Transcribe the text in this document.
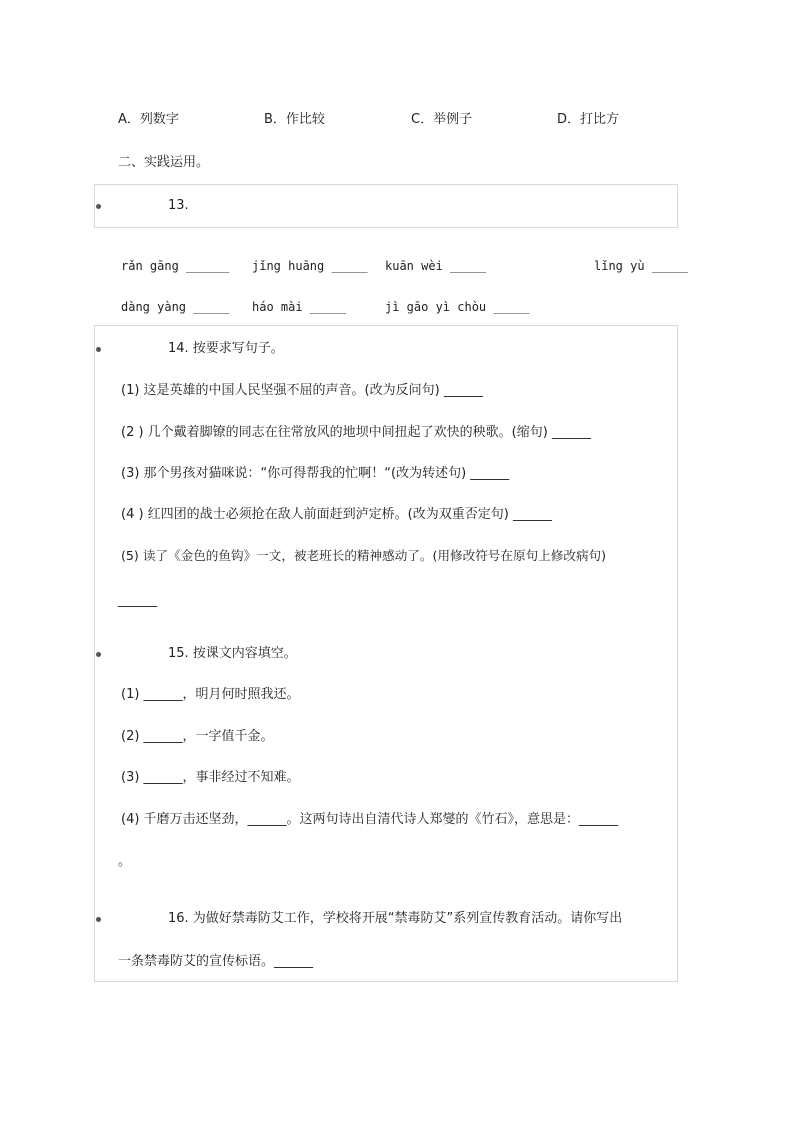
A．列数字	B．作比较	C．举例子	D．打比方
二、实践运用。
13.
rǎn gāng ______ jǐng huāng _____ kuān wèi _____	lǐng yù _____
dàng yàng _____ háo mài _____	jì gāo yì chòu _____
14. 按要求写句子。
(1) 这是英雄的中国人民坚强不屈的声音。(改为反问句) ______
(2 ) 几个戴着脚镣的同志在往常放风的地坝中间扭起了欢快的秧歌。(缩句) ______
(3) 那个男孩对猫咪说：“你可得帮我的忙啊！“(改为转述句) ______
(4 ) 红四团的战士必须抢在敌人前面赶到泸定桥。(改为双重否定句) ______
(5) 读了《金色的鱼钩》一文，被老班长的精神感动了。(用修改符号在原句上修改病句)
______
15. 按课文内容填空。
(1) ______，明月何时照我还。
(2) ______，一字值千金。
(3) ______，事非经过不知难。
(4) 千磨万击还坚劲，______。这两句诗出自清代诗人郑燮的《竹石》，意思是：______
。
16. 为做好禁毒防艾工作，学校将开展“禁毒防艾”系列宣传教育活动。请你写出
一条禁毒防艾的宣传标语。______
